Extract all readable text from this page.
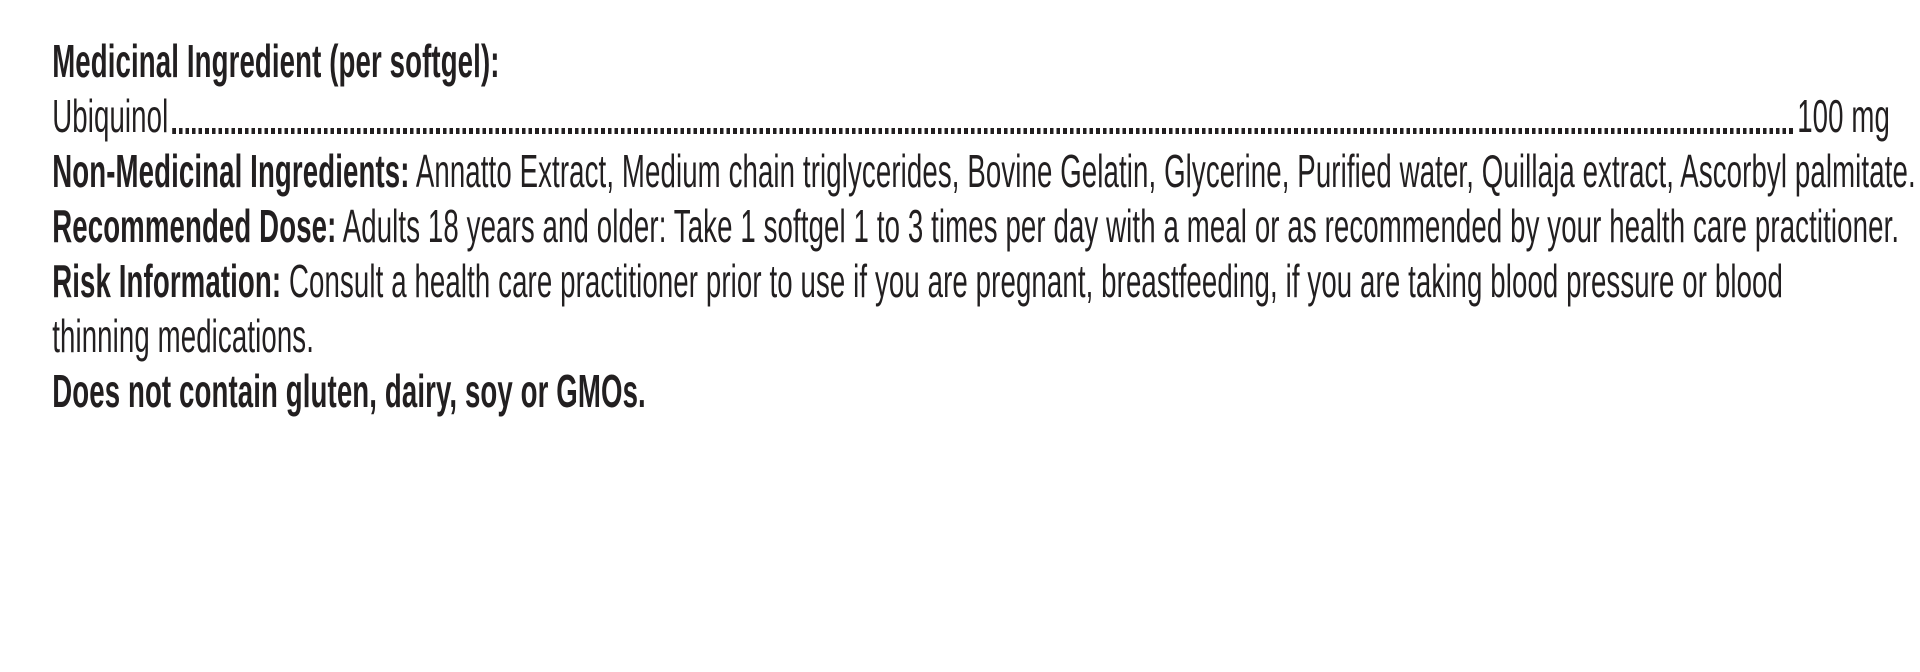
Medicinal Ingredient (per softgel):

Ubiquinol	100 mg

Non-Medicinal Ingredients: Annatto Extract, Medium chain triglycerides, Bovine Gelatin, Glycerine, Purified water, Quillaja extract, Ascorbyl palmitate.

Recommended Dose: Adults 18 years and older: Take 1 softgel 1 to 3 times per day with a meal or as recommended by your health care practitioner.

Risk Information: Consult a health care practitioner prior to use if you are pregnant, breastfeeding, if you are taking blood pressure or blood
thinning medications.

Does not contain gluten, dairy, soy or GMOs.
